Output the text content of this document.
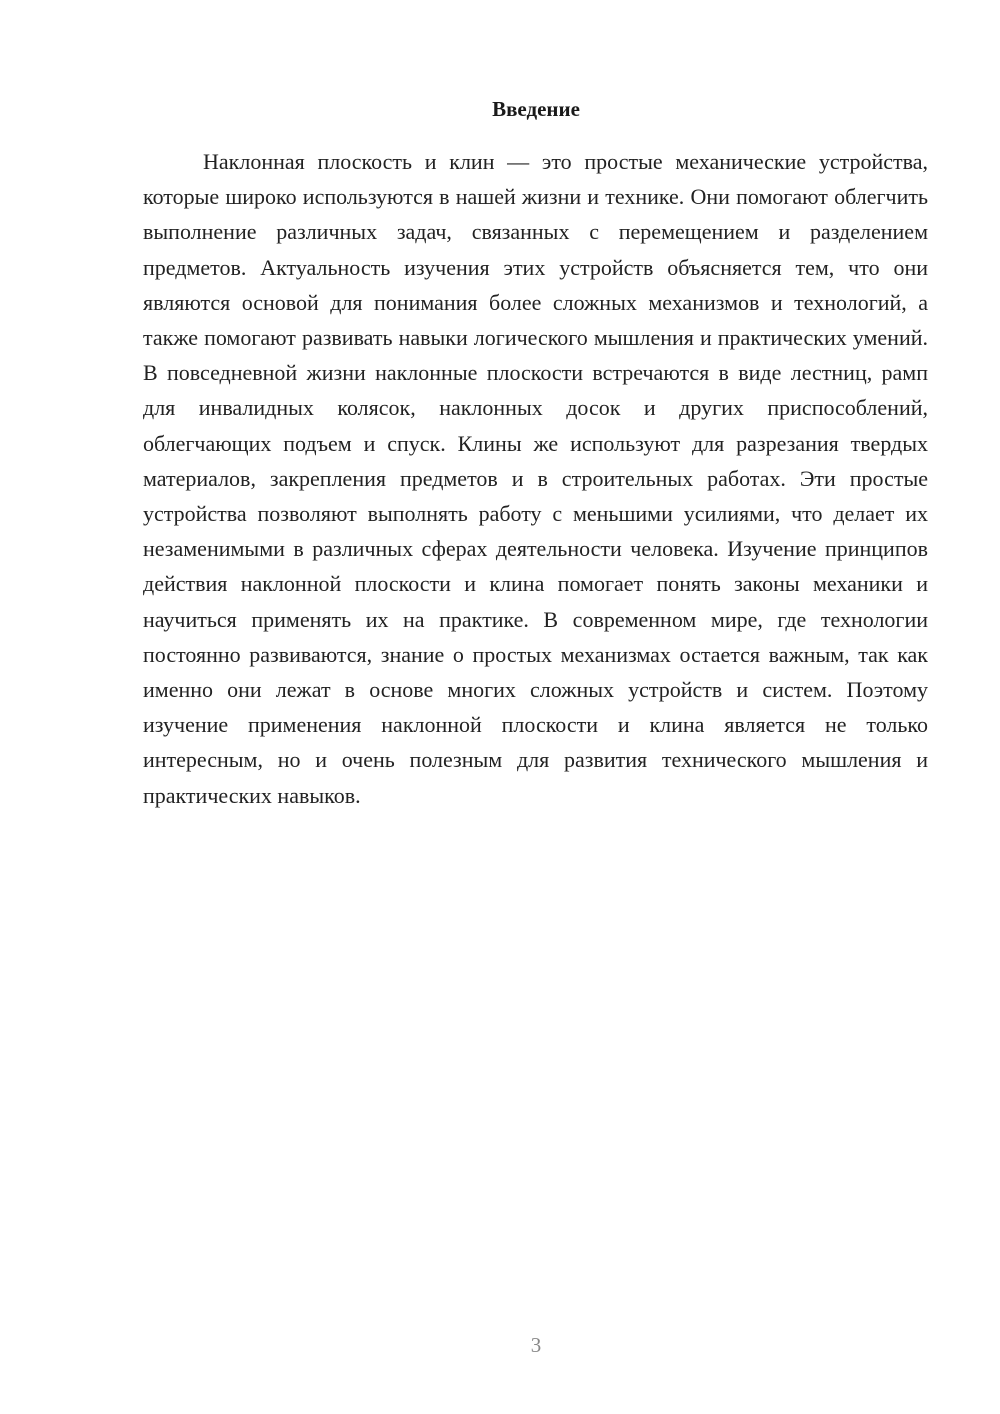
Введение

Наклонная плоскость и клин — это простые механические устройства, которые широко используются в нашей жизни и технике. Они помогают облегчить выполнение различных задач, связанных с перемещением и разделением предметов. Актуальность изучения этих устройств объясняется тем, что они являются основой для понимания более сложных механизмов и технологий, а также помогают развивать навыки логического мышления и практических умений. В повседневной жизни наклонные плоскости встречаются в виде лестниц, рамп для инвалидных колясок, наклонных досок и других приспособлений, облегчающих подъем и спуск. Клины же используют для разрезания твердых материалов, закрепления предметов и в строительных работах. Эти простые устройства позволяют выполнять работу с меньшими усилиями, что делает их незаменимыми в различных сферах деятельности человека. Изучение принципов действия наклонной плоскости и клина помогает понять законы механики и научиться применять их на практике. В современном мире, где технологии постоянно развиваются, знание о простых механизмах остается важным, так как именно они лежат в основе многих сложных устройств и систем. Поэтому изучение применения наклонной плоскости и клина является не только интересным, но и очень полезным для развития технического мышления и практических навыков.

3
